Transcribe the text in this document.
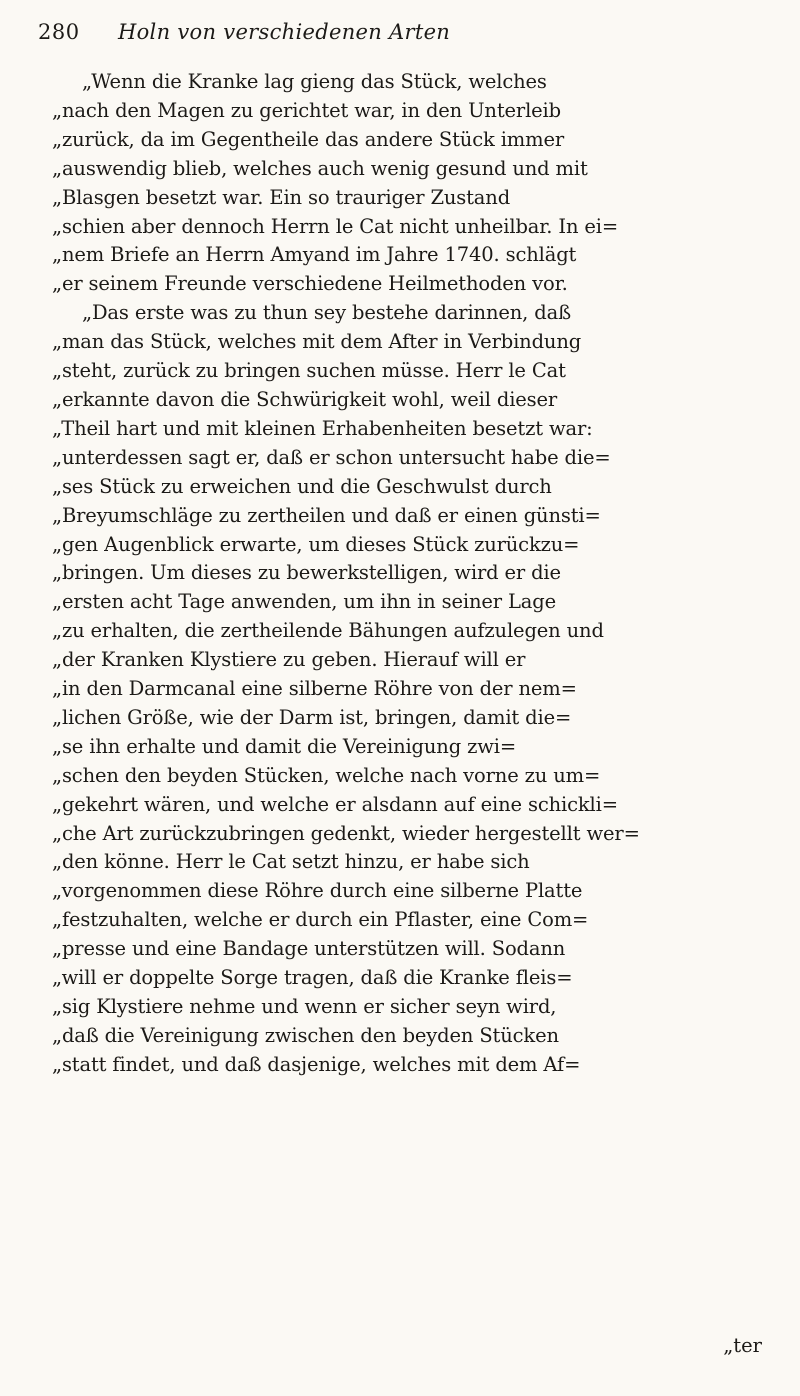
280 Holn von verschiedenen Arten
„Wenn die Kranke lag gieng das Stück, welches
„nach den Magen zu gerichtet war, in den Unterleib
„zurück, da im Gegentheile das andere Stück immer
„auswendig blieb, welches auch wenig gesund und mit
„Blasgen besetzt war. Ein so trauriger Zustand
„schien aber dennoch Herrn le Cat nicht unheilbar. In ei=
„nem Briefe an Herrn Amyand im Jahre 1740. schlägt
„er seinem Freunde verschiedene Heilmethoden vor.
„Das erste was zu thun sey bestehe darinnen, daß
„man das Stück, welches mit dem After in Verbindung
„steht, zurück zu bringen suchen müsse. Herr le Cat
„erkannte davon die Schwürigkeit wohl, weil dieser
„Theil hart und mit kleinen Erhabenheiten besetzt war:
„unterdessen sagt er, daß er schon untersucht habe die=
„ses Stück zu erweichen und die Geschwulst durch
„Breyumschläge zu zertheilen und daß er einen günsti=
„gen Augenblick erwarte, um dieses Stück zurückzu=
„bringen. Um dieses zu bewerkstelligen, wird er die
„ersten acht Tage anwenden, um ihn in seiner Lage
„zu erhalten, die zertheilende Bähungen aufzulegen und
„der Kranken Klystiere zu geben. Hierauf will er
„in den Darmcanal eine silberne Röhre von der nem=
„lichen Größe, wie der Darm ist, bringen, damit die=
„se ihn erhalte und damit die Vereinigung zwi=
„schen den beyden Stücken, welche nach vorne zu um=
„gekehrt wären, und welche er alsdann auf eine schickli=
„che Art zurückzubringen gedenkt, wieder hergestellt wer=
„den könne. Herr le Cat setzt hinzu, er habe sich
„vorgenommen diese Röhre durch eine silberne Platte
„festzuhalten, welche er durch ein Pflaster, eine Com=
„presse und eine Bandage unterstützen will. Sodann
„will er doppelte Sorge tragen, daß die Kranke fleis=
„sig Klystiere nehme und wenn er sicher seyn wird,
„daß die Vereinigung zwischen den beyden Stücken
„statt findet, und daß dasjenige, welches mit dem Af=
„ter
